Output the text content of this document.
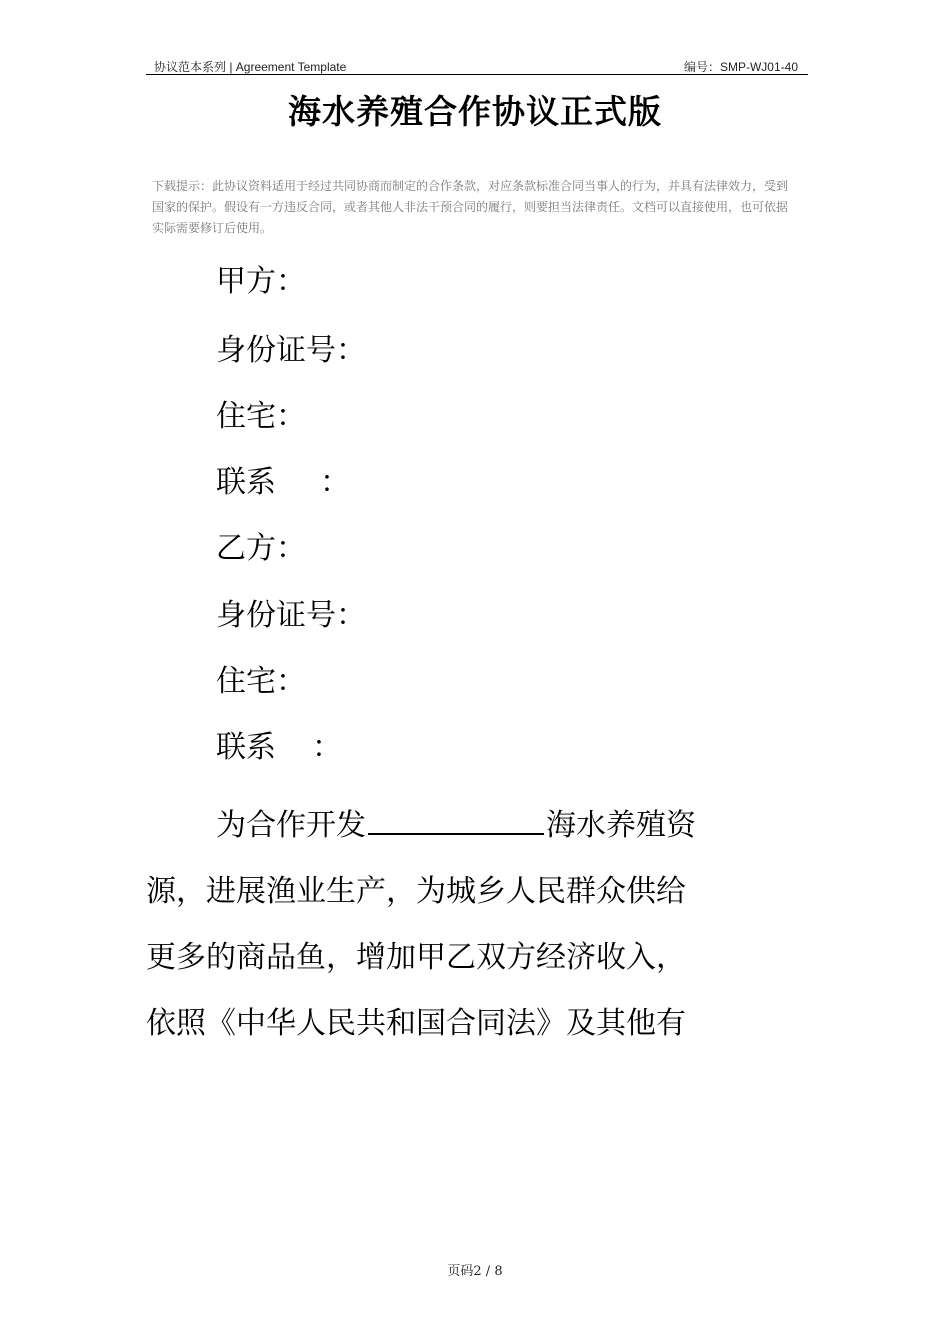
协议范本系列 | Agreement Template	编号：SMP-WJ01-40
海水养殖合作协议正式版
下载提示：此协议资料适用于经过共同协商而制定的合作条款，对应条款标准合同当事人的行为，并具有法律效力，受到国家的保护。假设有一方违反合同，或者其他人非法干预合同的履行，则要担当法律责任。文档可以直接使用，也可依据实际需要修订后使用。
甲方：
身份证号：
住宅：
联系 ：
乙方：
身份证号：
住宅：
联系 ：
为合作开发	海水养殖资
源，进展渔业生产，为城乡人民群众供给
更多的商品鱼，增加甲乙双方经济收入，
依照《中华人民共和国合同法》及其他有
页码2 / 8
